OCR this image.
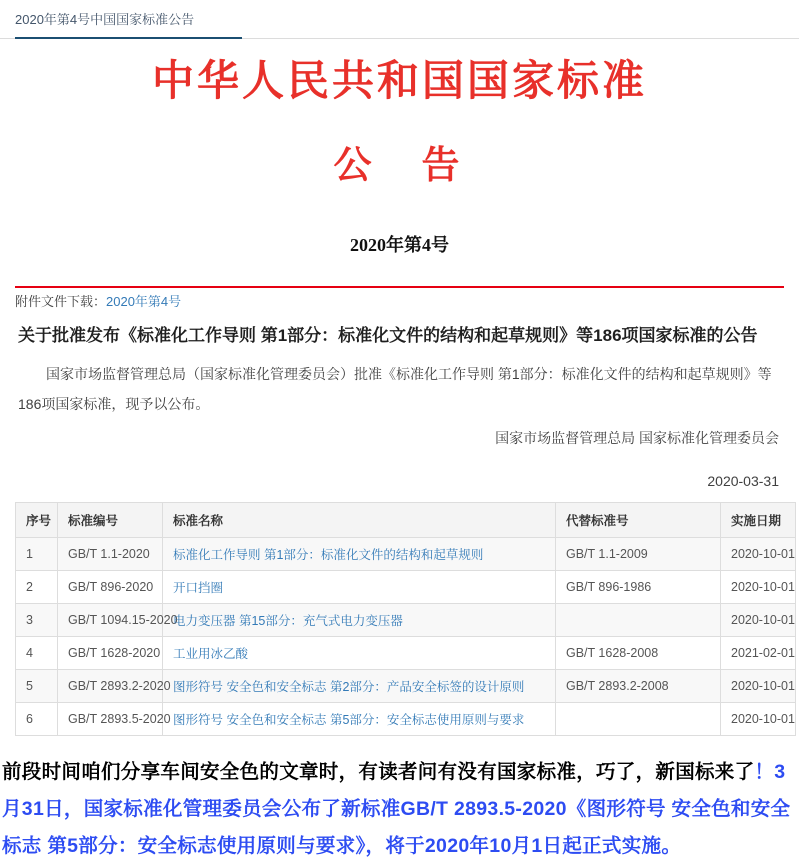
2020年第4号中国国家标准公告
中华人民共和国国家标准
公　告
2020年第4号
附件文件下载：2020年第4号
关于批准发布《标准化工作导则 第1部分：标准化文件的结构和起草规则》等186项国家标准的公告

国家市场监督管理总局（国家标准化管理委员会）批准《标准化工作导则 第1部分：标准化文件的结构和起草规则》等186项国家标准，现予以公布。

国家市场监督管理总局 国家标准化管理委员会
2020-03-31
序号	标准编号	标准名称	代替标准号	实施日期
1	GB/T 1.1-2020	标准化工作导则 第1部分：标准化文件的结构和起草规则	GB/T 1.1-2009	2020-10-01
2	GB/T 896-2020	开口挡圈	GB/T 896-1986	2020-10-01
3	GB/T 1094.15-2020	电力变压器 第15部分：充气式电力变压器		2020-10-01
4	GB/T 1628-2020	工业用冰乙酸	GB/T 1628-2008	2021-02-01
5	GB/T 2893.2-2020	图形符号 安全色和安全标志 第2部分：产品安全标签的设计原则	GB/T 2893.2-2008	2020-10-01
6	GB/T 2893.5-2020	图形符号 安全色和安全标志 第5部分：安全标志使用原则与要求		2020-10-01
前段时间咱们分享车间安全色的文章时，有读者问有没有国家标准，巧了，新国标来了！3月31日，国家标准化管理委员会公布了新标准GB/T 2893.5-2020《图形符号 安全色和安全标志 第5部分：安全标志使用原则与要求》，将于2020年10月1日起正式实施。
